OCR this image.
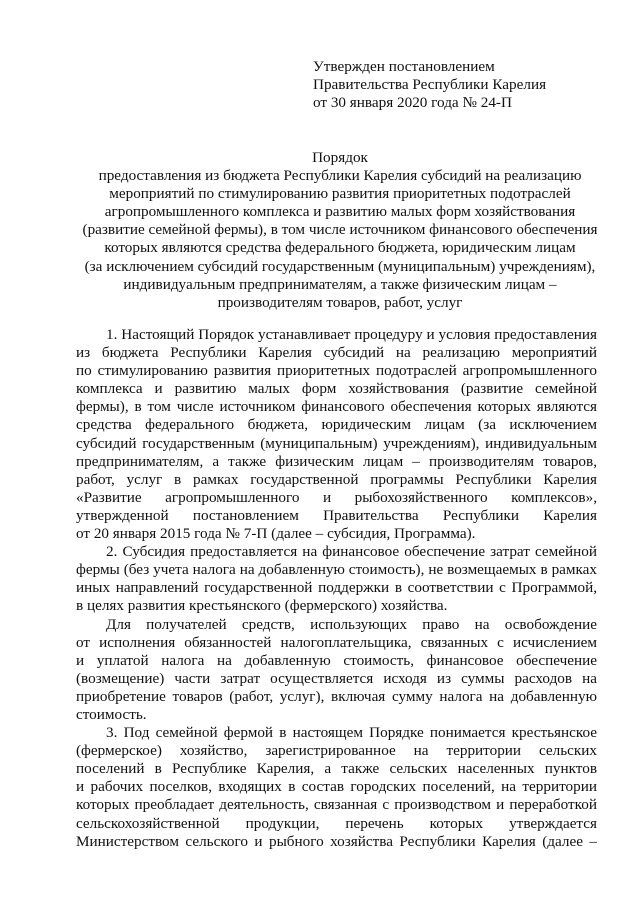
Утвержден постановлением
Правительства Республики Карелия
от 30 января 2020 года № 24-П
Порядок
предоставления из бюджета Республики Карелия субсидий на реализацию
мероприятий по стимулированию развития приоритетных подотраслей
агропромышленного комплекса и развитию малых форм хозяйствования
(развитие семейной фермы), в том числе источником финансового обеспечения
которых являются средства федерального бюджета, юридическим лицам
(за исключением субсидий государственным (муниципальным) учреждениям),
индивидуальным предпринимателям, а также физическим лицам –
производителям товаров, работ, услуг
1. Настоящий Порядок устанавливает процедуру и условия предоставления
из бюджета Республики Карелия субсидий на реализацию мероприятий
по стимулированию развития приоритетных подотраслей агропромышленного
комплекса и развитию малых форм хозяйствования (развитие семейной
фермы), в том числе источником финансового обеспечения которых являются
средства федерального бюджета, юридическим лицам (за исключением
субсидий государственным (муниципальным) учреждениям), индивидуальным
предпринимателям, а также физическим лицам – производителям товаров,
работ, услуг в рамках государственной программы Республики Карелия
«Развитие агропромышленного и рыбохозяйственного комплексов»,
утвержденной постановлением Правительства Республики Карелия
от 20 января 2015 года № 7-П (далее – субсидия, Программа).
2. Субсидия предоставляется на финансовое обеспечение затрат семейной
фермы (без учета налога на добавленную стоимость), не возмещаемых в рамках
иных направлений государственной поддержки в соответствии с Программой,
в целях развития крестьянского (фермерского) хозяйства.
Для получателей средств, использующих право на освобождение
от исполнения обязанностей налогоплательщика, связанных с исчислением
и уплатой налога на добавленную стоимость, финансовое обеспечение
(возмещение) части затрат осуществляется исходя из суммы расходов на
приобретение товаров (работ, услуг), включая сумму налога на добавленную
стоимость.
3. Под семейной фермой в настоящем Порядке понимается крестьянское
(фермерское) хозяйство, зарегистрированное на территории сельских
поселений в Республике Карелия, а также сельских населенных пунктов
и рабочих поселков, входящих в состав городских поселений, на территории
которых преобладает деятельность, связанная с производством и переработкой
сельскохозяйственной продукции, перечень которых утверждается
Министерством сельского и рыбного хозяйства Республики Карелия (далее –
